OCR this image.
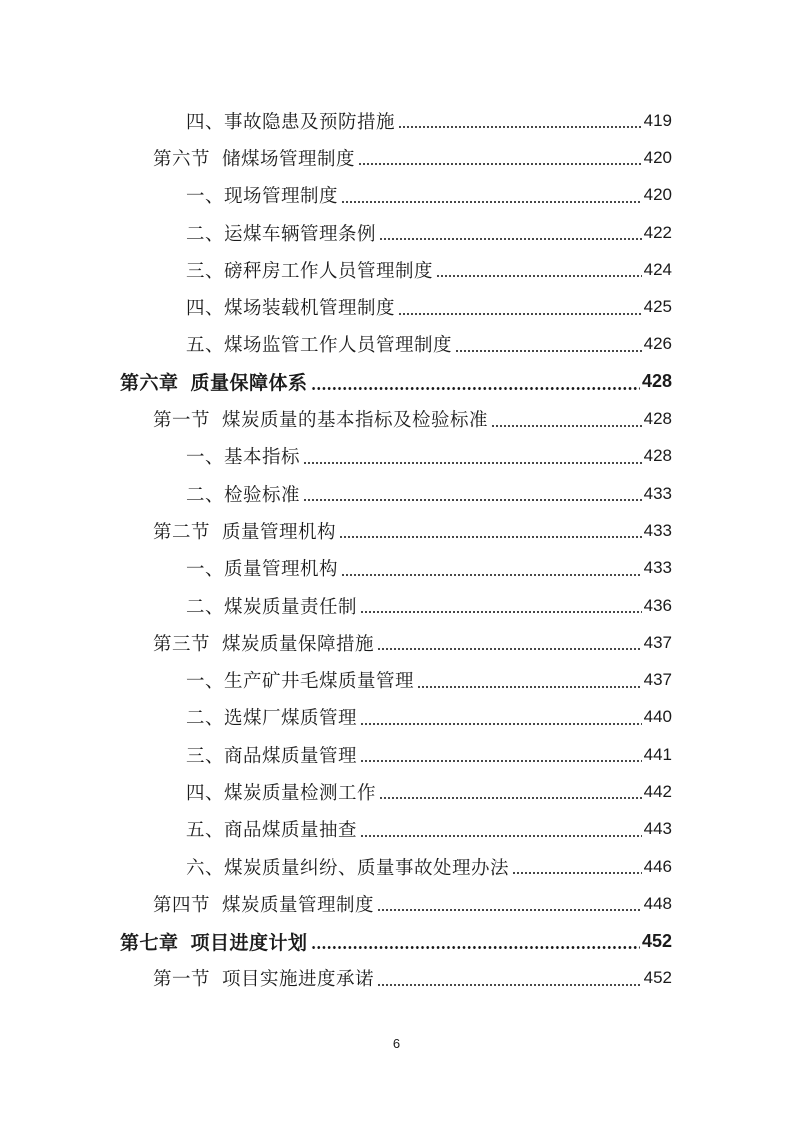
四、事故隐患及预防措施	419
第六节 储煤场管理制度	420
一、现场管理制度	420
二、运煤车辆管理条例	422
三、磅秤房工作人员管理制度	424
四、煤场装载机管理制度	425
五、煤场监管工作人员管理制度	426
第六章 质量保障体系	428
第一节 煤炭质量的基本指标及检验标准	428
一、基本指标	428
二、检验标准	433
第二节 质量管理机构	433
一、质量管理机构	433
二、煤炭质量责任制	436
第三节 煤炭质量保障措施	437
一、生产矿井毛煤质量管理	437
二、选煤厂煤质管理	440
三、商品煤质量管理	441
四、煤炭质量检测工作	442
五、商品煤质量抽查	443
六、煤炭质量纠纷、质量事故处理办法	446
第四节 煤炭质量管理制度	448
第七章 项目进度计划	452
第一节 项目实施进度承诺	452
6
